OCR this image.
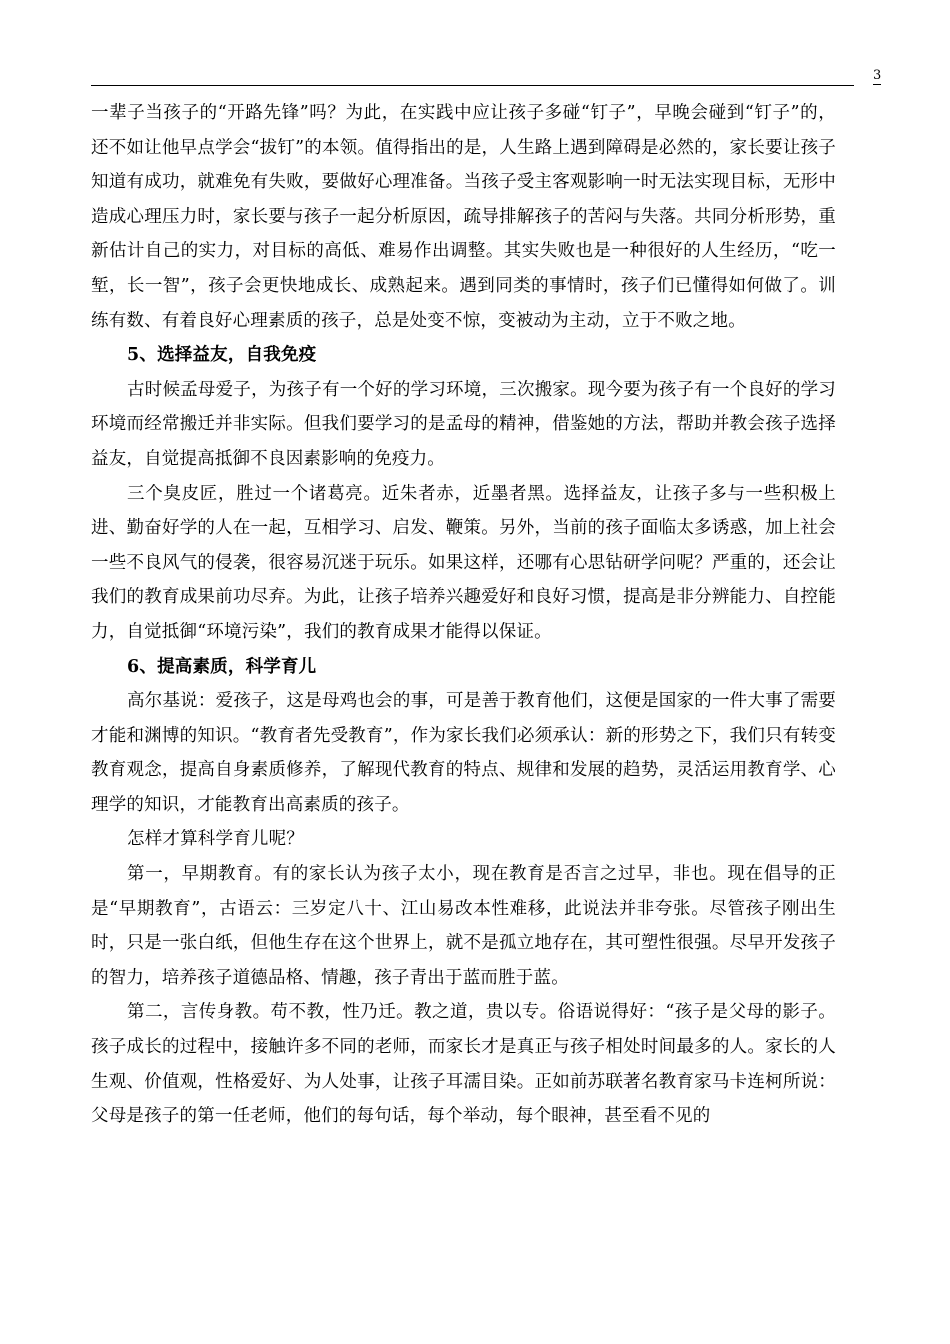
3

一辈子当孩子的“开路先锋”吗？为此，在实践中应让孩子多碰“钉子”，早晚会碰到“钉子”的，还不如让他早点学会“拔钉”的本领。值得指出的是，人生路上遇到障碍是必然的，家长要让孩子知道有成功，就难免有失败，要做好心理准备。当孩子受主客观影响一时无法实现目标，无形中造成心理压力时，家长要与孩子一起分析原因，疏导排解孩子的苦闷与失落。共同分析形势，重新估计自己的实力，对目标的高低、难易作出调整。其实失败也是一种很好的人生经历，“吃一堑，长一智”，孩子会更快地成长、成熟起来。遇到同类的事情时，孩子们已懂得如何做了。训练有数、有着良好心理素质的孩子，总是处变不惊，变被动为主动，立于不败之地。

5、选择益友，自我免疫

古时候孟母爱子，为孩子有一个好的学习环境，三次搬家。现今要为孩子有一个良好的学习环境而经常搬迁并非实际。但我们要学习的是孟母的精神，借鉴她的方法，帮助并教会孩子选择益友，自觉提高抵御不良因素影响的免疫力。

三个臭皮匠，胜过一个诸葛亮。近朱者赤，近墨者黑。选择益友，让孩子多与一些积极上进、勤奋好学的人在一起，互相学习、启发、鞭策。另外，当前的孩子面临太多诱惑，加上社会一些不良风气的侵袭，很容易沉迷于玩乐。如果这样，还哪有心思钻研学问呢？严重的，还会让我们的教育成果前功尽弃。为此，让孩子培养兴趣爱好和良好习惯，提高是非分辨能力、自控能力，自觉抵御“环境污染”，我们的教育成果才能得以保证。

6、提高素质，科学育儿

高尔基说：爱孩子，这是母鸡也会的事，可是善于教育他们，这便是国家的一件大事了需要才能和渊博的知识。“教育者先受教育”，作为家长我们必须承认：新的形势之下，我们只有转变教育观念，提高自身素质修养，了解现代教育的特点、规律和发展的趋势，灵活运用教育学、心理学的知识，才能教育出高素质的孩子。

怎样才算科学育儿呢？

第一，早期教育。有的家长认为孩子太小，现在教育是否言之过早，非也。现在倡导的正是“早期教育”，古语云：三岁定八十、江山易改本性难移，此说法并非夸张。尽管孩子刚出生时，只是一张白纸，但他生存在这个世界上，就不是孤立地存在，其可塑性很强。尽早开发孩子的智力，培养孩子道德品格、情趣，孩子青出于蓝而胜于蓝。

第二，言传身教。苟不教，性乃迁。教之道，贵以专。俗语说得好：“孩子是父母的影子。孩子成长的过程中，接触许多不同的老师，而家长才是真正与孩子相处时间最多的人。家长的人生观、价值观，性格爱好、为人处事，让孩子耳濡目染。正如前苏联著名教育家马卡连柯所说：父母是孩子的第一任老师，他们的每句话，每个举动，每个眼神，甚至看不见的
